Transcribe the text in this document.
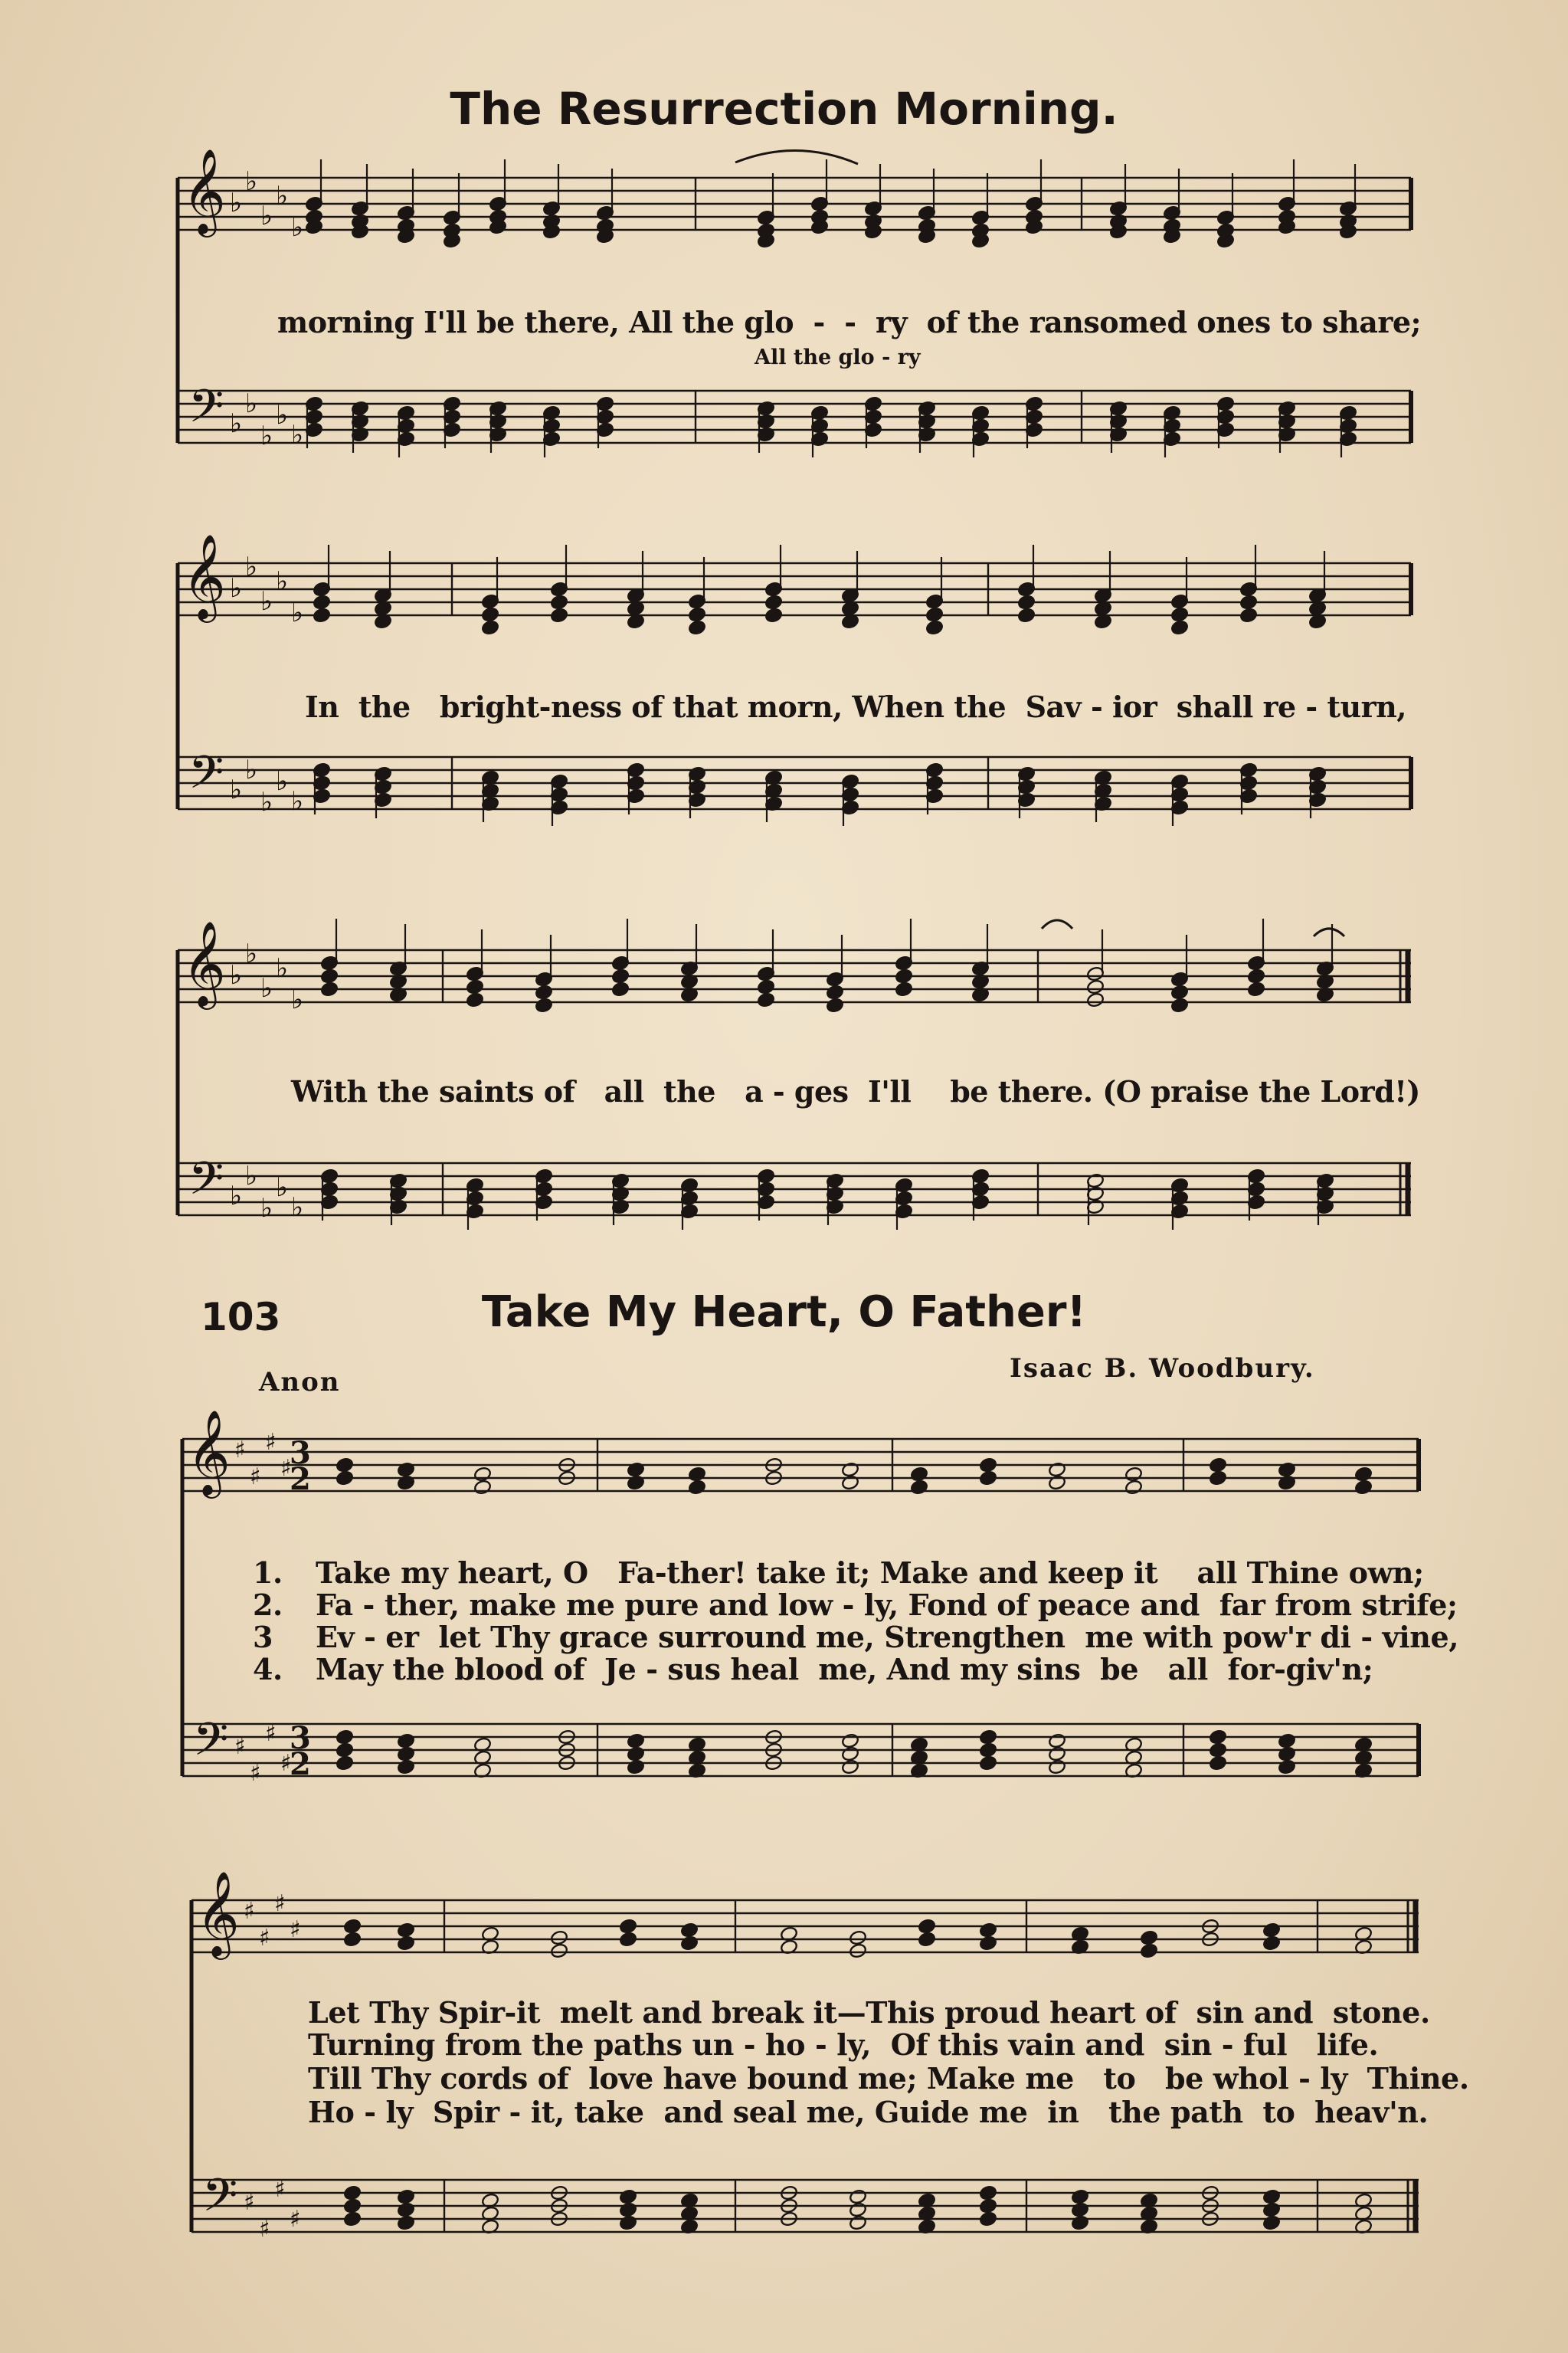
The Resurrection Morning.
103	Take My Heart, O Father!
Anon	Isaac B. Woodbury.
𝄞
𝄢
♭
♭
♭
♭
♭
♭
♭
♭
♭
♭
𝄞
𝄢
♭
♭
♭
♭
♭
♭
♭
♭
♭
♭
𝄞
𝄢
♭
♭
♭
♭
♭
♭
♭
♭
♭
♭
𝄞
𝄢
♯
♯
♯
♯
♯
♯
♯
♯
3
2
3
2
𝄞
𝄢
♯
♯
♯
♯
♯
♯
♯
♯
morning I'll be there, All the glo  -  -  ry  of the ransomed ones to share;
All the glo - ry
In  the   bright-ness of that morn, When the  Sav - ior  shall re - turn,
With the saints of   all  the   a - ges  I'll    be there. (O praise the Lord!)
1. Take my heart, O   Fa-ther! take it; Make and keep it    all Thine own;
2. Fa - ther, make me pure and low - ly, Fond of peace and  far from strife;
3 Ev - er  let Thy grace surround me, Strengthen  me with pow'r di - vine,
4. May the blood of  Je - sus heal  me, And my sins  be   all  for-giv'n;
Let Thy Spir-it  melt and break it—This proud heart of  sin and  stone.
Turning from the paths un - ho - ly,  Of this vain and  sin - ful   life.
Till Thy cords of  love have bound me; Make me   to   be whol - ly  Thine.
Ho - ly  Spir - it, take  and seal me, Guide me  in   the path  to  heav'n.
